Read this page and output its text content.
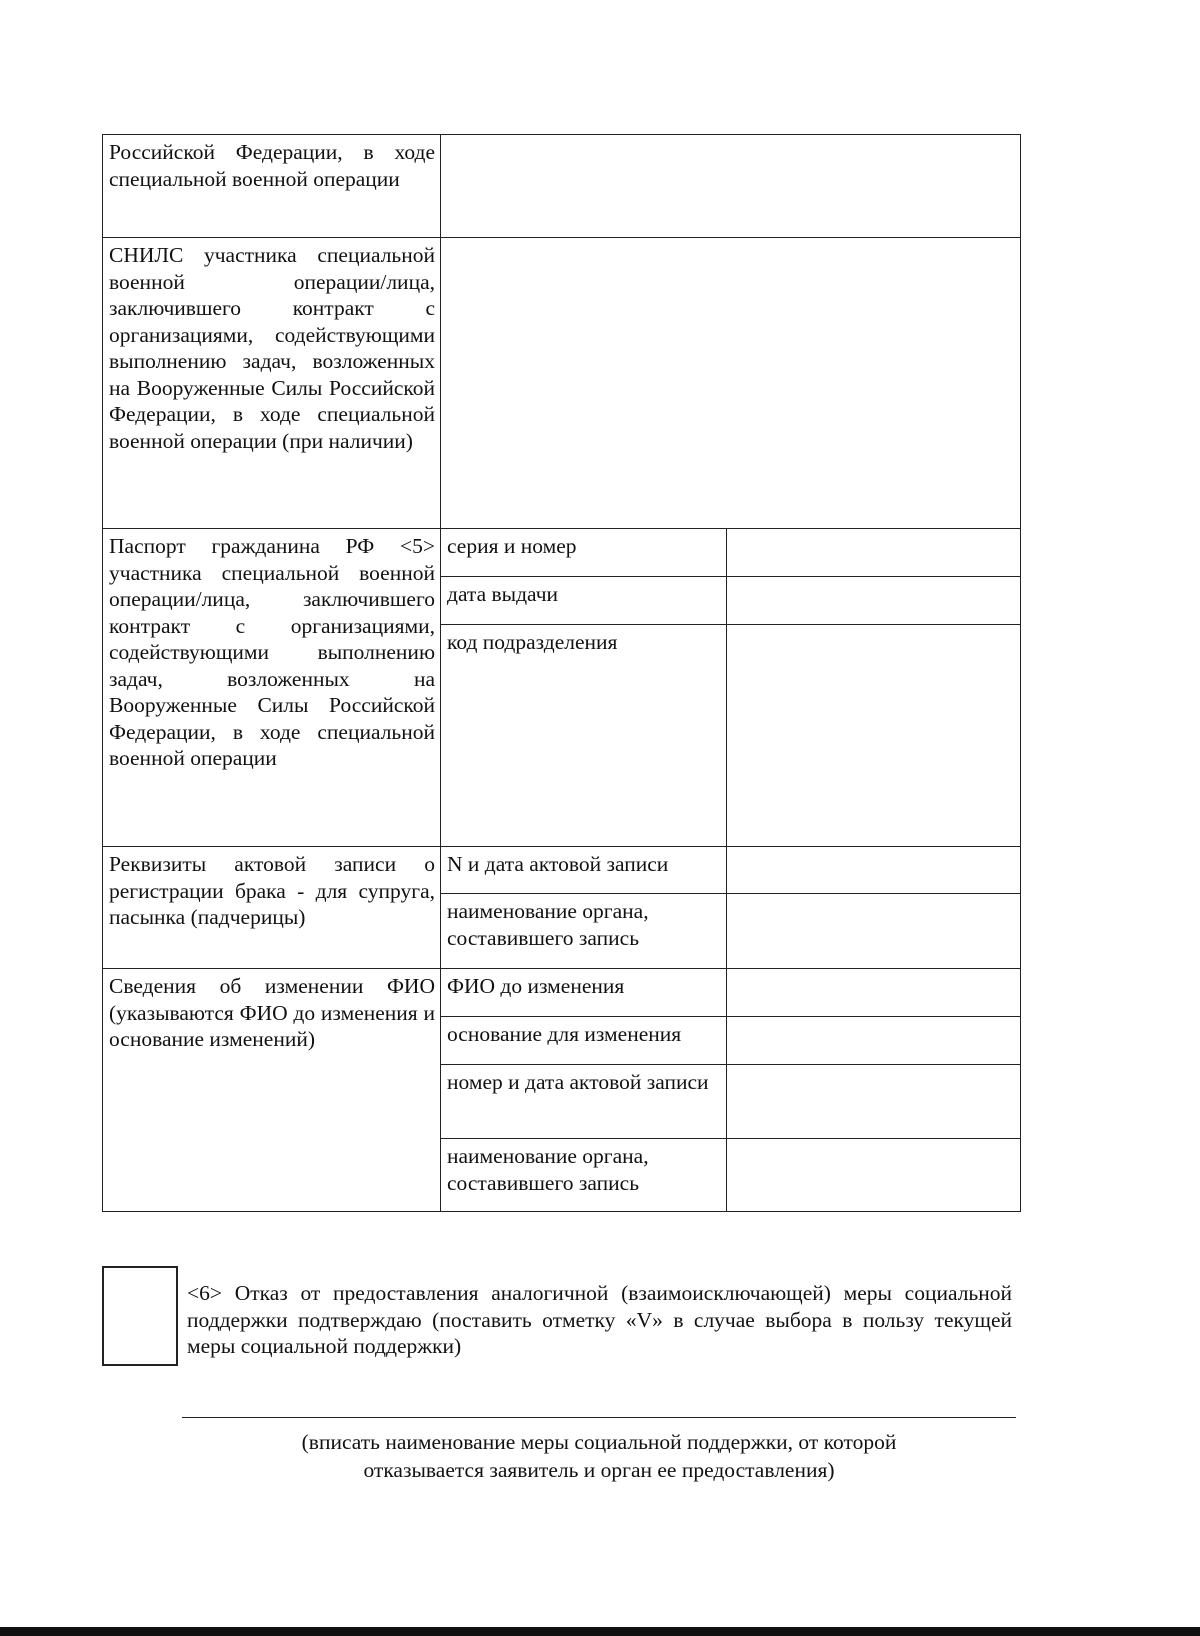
Российской Федерации, в ходе специальной военной операции		
СНИЛС участника специальной военной операции/лица, заключившего контракт с организациями, содействующими выполнению задач, возложенных на Вооруженные Силы Российской Федерации, в ходе специальной военной операции (при наличии)		
Паспорт гражданина РФ <5> участника специальной военной операции/лица, заключившего контракт с организациями, содействующими выполнению задач, возложенных на Вооруженные Силы Российской Федерации, в ходе специальной военной операции	серия и номер	
	дата выдачи	
	код подразделения	
Реквизиты актовой записи о регистрации брака - для супруга, пасынка (падчерицы)	N и дата актовой записи	
	наименование органа, составившего запись	
Сведения об изменении ФИО (указываются ФИО до изменения и основание изменений)	ФИО до изменения	
	основание для изменения	
	номер и дата актовой записи	
	наименование органа, составившего запись	
<6> Отказ от предоставления аналогичной (взаимоисключающей) меры социальной поддержки подтверждаю (поставить отметку «V» в случае выбора в пользу текущей меры социальной поддержки)
(вписать наименование меры социальной поддержки, от которой
отказывается заявитель и орган ее предоставления)
